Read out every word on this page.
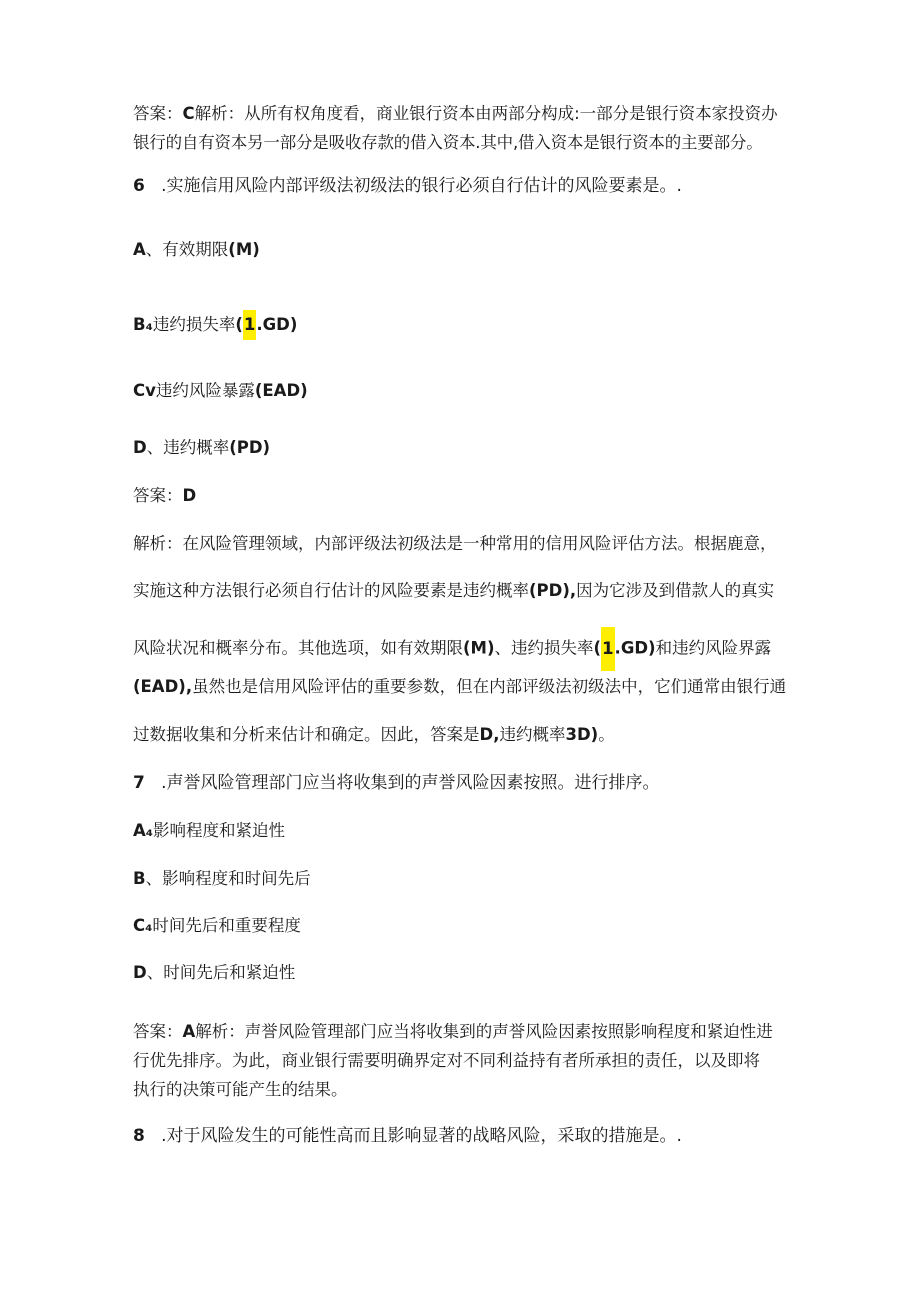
答案：C解析：从所有权角度看，商业银行资本由两部分构成:一部分是银行资本家投资办
银行的自有资本另一部分是吸收存款的借入资本.其中,借入资本是银行资本的主要部分。
6 .实施信用风险内部评级法初级法的银行必须自行估计的风险要素是。.
A、有效期限(M)
B₄违约损失率(1.GD)
Cv违约风险暴露(EAD)
D、违约概率(PD)
答案：D
解析：在风险管理领域，内部评级法初级法是一种常用的信用风险评估方法。根据鹿意，
实施这种方法银行必须自行估计的风险要素是违约概率(PD),因为它涉及到借款人的真实
风险状况和概率分布。其他选项，如有效期限(M)、违约损失率(1.GD)和违约风险界露
(EAD),虽然也是信用风险评估的重要参数，但在内部评级法初级法中，它们通常由银行通
过数据收集和分析来估计和确定。因此，答案是D,违约概率3D)。
7 .声誉风险管理部门应当将收集到的声誉风险因素按照。进行排序。
A₄影响程度和紧迫性
B、影响程度和时间先后
C₄时间先后和重要程度
D、时间先后和紧迫性
答案：A解析：声誉风险管理部门应当将收集到的声誉风险因素按照影响程度和紧迫性进
行优先排序。为此，商业银行需要明确界定对不同利益持有者所承担的责任，以及即将
执行的决策可能产生的结果。
8 .对于风险发生的可能性高而且影响显著的战略风险，采取的措施是。.
